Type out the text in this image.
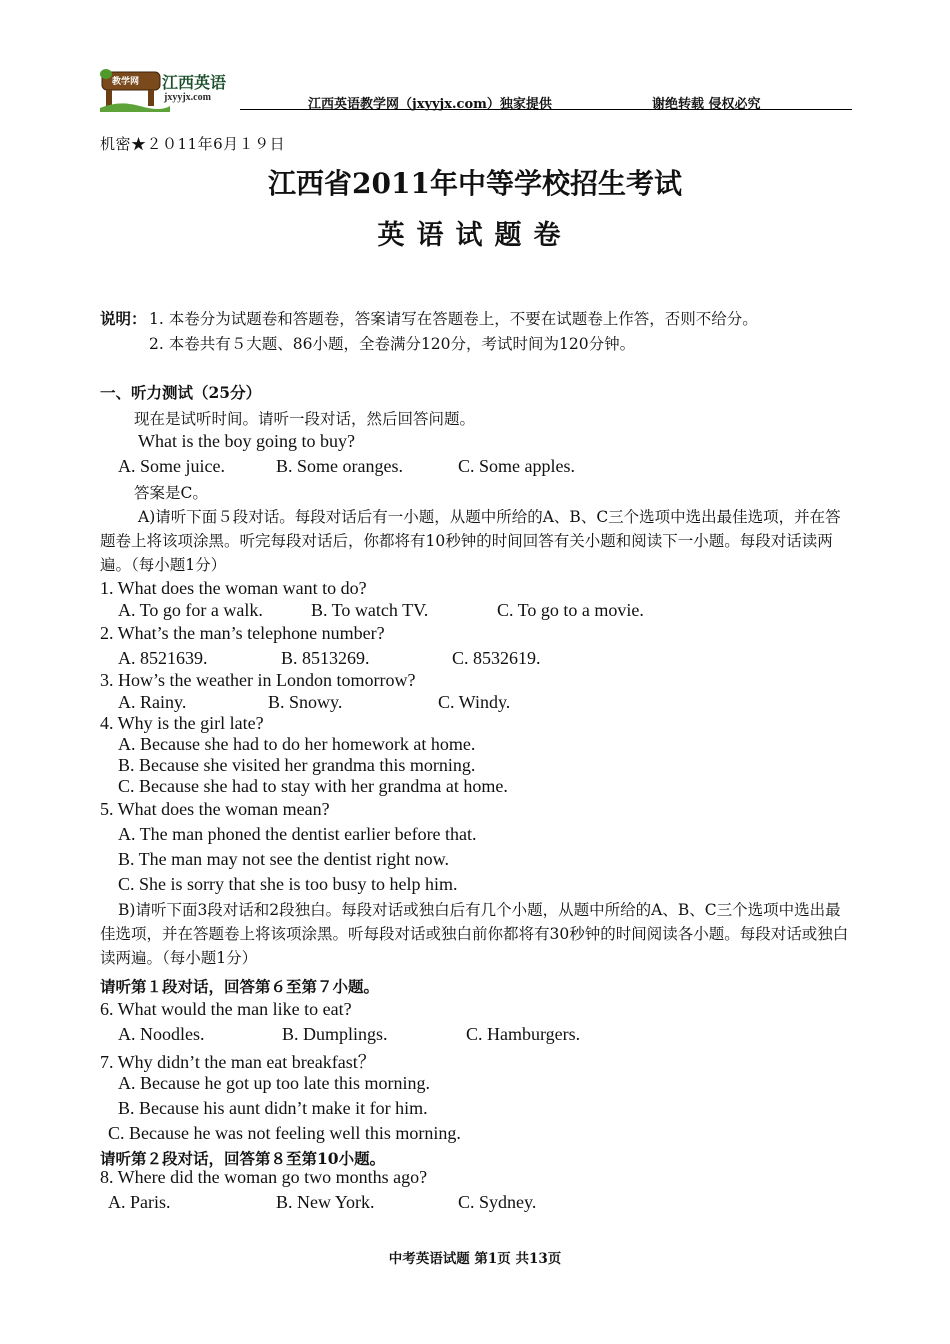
教学网 江西英语
jxyyjx.com	江西英语教学网（jxyyjx.com）独家提供	谢绝转载 侵权必究
机密★２０11年6月１９日
江西省2011年中等学校招生考试
英语试题卷
说明： 1. 本卷分为试题卷和答题卷，答案请写在答题卷上，不要在试题卷上作答，否则不给分。
2. 本卷共有５大题、86小题，全卷满分120分，考试时间为120分钟。
一、听力测试（25分）
现在是试听时间。请听一段对话，然后回答问题。
What is the boy going to buy?
A. Some juice.	B. Some oranges.	C. Some apples.
答案是C。
A)请听下面５段对话。每段对话后有一小题，从题中所给的A、B、C三个选项中选出最佳选项，并在答题卷上将该项涂黑。听完每段对话后，你都将有10秒钟的时间回答有关小题和阅读下一小题。每段对话读两遍。（每小题1分）
1. What does the woman want to do?
A. To go for a walk.	B. To watch TV.	C. To go to a movie.
2. What’s the man’s telephone number?
A. 8521639.	B. 8513269.	C. 8532619.
3. How’s the weather in London tomorrow?
A. Rainy.	B. Snowy.	C. Windy.
4. Why is the girl late?
A. Because she had to do her homework at home.
B. Because she visited her grandma this morning.
C. Because she had to stay with her grandma at home.
5. What does the woman mean?
A. The man phoned the dentist earlier before that.
B. The man may not see the dentist right now.
C. She is sorry that she is too busy to help him.
B)请听下面3段对话和2段独白。每段对话或独白后有几个小题，从题中所给的A、B、C三个选项中选出最佳选项，并在答题卷上将该项涂黑。听每段对话或独白前你都将有30秒钟的时间阅读各小题。每段对话或独白读两遍。（每小题1分）
请听第１段对话，回答第６至第７小题。
6. What would the man like to eat?
A. Noodles.	B. Dumplings.	C. Hamburgers.
7. Why didn’t the man eat breakfast？
A. Because he got up too late this morning.
B. Because his aunt didn’t make it for him.
C. Because he was not feeling well this morning.
请听第２段对话，回答第８至第10小题。
8. Where did the woman go two months ago?
A. Paris.	B. New York.	C. Sydney.
中考英语试题 第1页 共13页
